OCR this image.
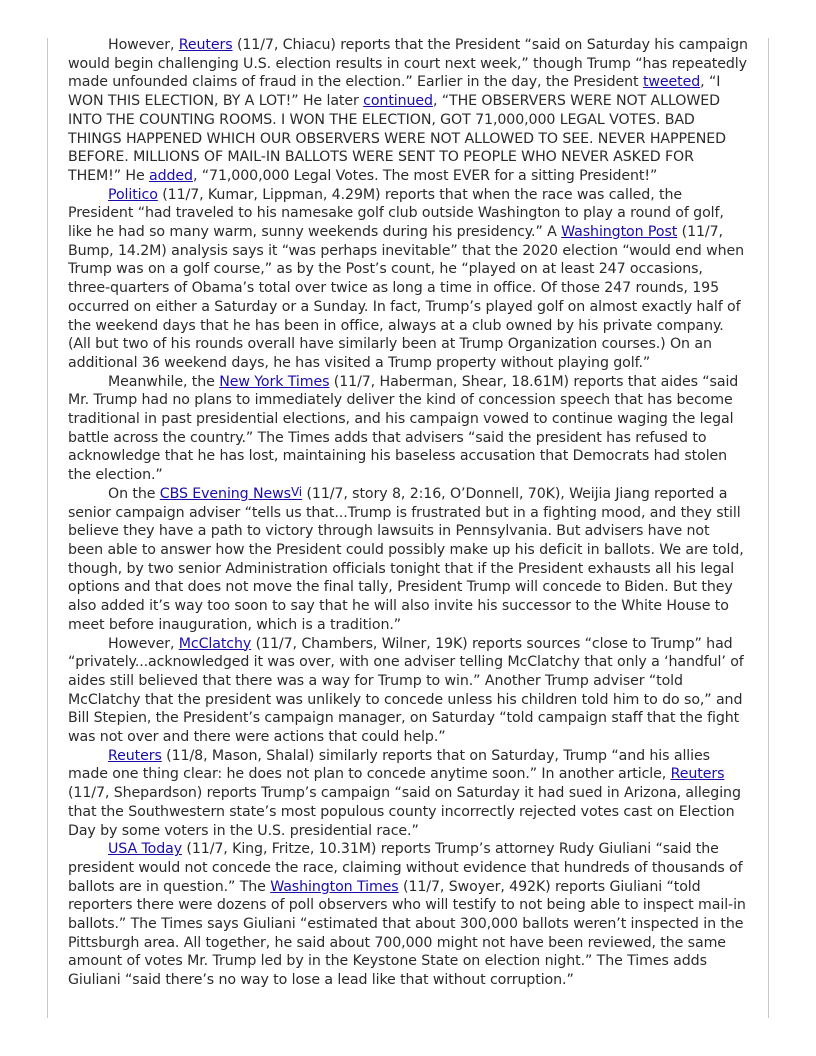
However, Reuters (11/7, Chiacu) reports that the President “said on Saturday his campaign would begin challenging U.S. election results in court next week,” though Trump “has repeatedly made unfounded claims of fraud in the election.” Earlier in the day, the President tweeted, “I WON THIS ELECTION, BY A LOT!” He later continued, “THE OBSERVERS WERE NOT ALLOWED INTO THE COUNTING ROOMS. I WON THE ELECTION, GOT 71,000,000 LEGAL VOTES. BAD THINGS HAPPENED WHICH OUR OBSERVERS WERE NOT ALLOWED TO SEE. NEVER HAPPENED BEFORE. MILLIONS OF MAIL-IN BALLOTS WERE SENT TO PEOPLE WHO NEVER ASKED FOR THEM!” He added, “71,000,000 Legal Votes. The most EVER for a sitting President!”

Politico (11/7, Kumar, Lippman, 4.29M) reports that when the race was called, the President “had traveled to his namesake golf club outside Washington to play a round of golf, like he had so many warm, sunny weekends during his presidency.” A Washington Post (11/7, Bump, 14.2M) analysis says it “was perhaps inevitable” that the 2020 election “would end when Trump was on a golf course,” as by the Post’s count, he “played on at least 247 occasions, three-quarters of Obama’s total over twice as long a time in office. Of those 247 rounds, 195 occurred on either a Saturday or a Sunday. In fact, Trump’s played golf on almost exactly half of the weekend days that he has been in office, always at a club owned by his private company. (All but two of his rounds overall have similarly been at Trump Organization courses.) On an additional 36 weekend days, he has visited a Trump property without playing golf.”

Meanwhile, the New York Times (11/7, Haberman, Shear, 18.61M) reports that aides “said Mr. Trump had no plans to immediately deliver the kind of concession speech that has become traditional in past presidential elections, and his campaign vowed to continue waging the legal battle across the country.” The Times adds that advisers “said the president has refused to acknowledge that he has lost, maintaining his baseless accusation that Democrats had stolen the election.”

On the CBS Evening News$^{Vi}$ (11/7, story 8, 2:16, O’Donnell, 70K), Weijia Jiang reported a senior campaign adviser “tells us that...Trump is frustrated but in a fighting mood, and they still believe they have a path to victory through lawsuits in Pennsylvania. But advisers have not been able to answer how the President could possibly make up his deficit in ballots. We are told, though, by two senior Administration officials tonight that if the President exhausts all his legal options and that does not move the final tally, President Trump will concede to Biden. But they also added it’s way too soon to say that he will also invite his successor to the White House to meet before inauguration, which is a tradition.”

However, McClatchy (11/7, Chambers, Wilner, 19K) reports sources “close to Trump” had “privately...acknowledged it was over, with one adviser telling McClatchy that only a ‘handful’ of aides still believed that there was a way for Trump to win.” Another Trump adviser “told McClatchy that the president was unlikely to concede unless his children told him to do so,” and Bill Stepien, the President’s campaign manager, on Saturday “told campaign staff that the fight was not over and there were actions that could help.”

Reuters (11/8, Mason, Shalal) similarly reports that on Saturday, Trump “and his allies made one thing clear: he does not plan to concede anytime soon.” In another article, Reuters (11/7, Shepardson) reports Trump’s campaign “said on Saturday it had sued in Arizona, alleging that the Southwestern state’s most populous county incorrectly rejected votes cast on Election Day by some voters in the U.S. presidential race.”

USA Today (11/7, King, Fritze, 10.31M) reports Trump’s attorney Rudy Giuliani “said the president would not concede the race, claiming without evidence that hundreds of thousands of ballots are in question.” The Washington Times (11/7, Swoyer, 492K) reports Giuliani “told reporters there were dozens of poll observers who will testify to not being able to inspect mail-in ballots.” The Times says Giuliani “estimated that about 300,000 ballots weren’t inspected in the Pittsburgh area. All together, he said about 700,000 might not have been reviewed, the same amount of votes Mr. Trump led by in the Keystone State on election night.” The Times adds Giuliani “said there’s no way to lose a lead like that without corruption.”
